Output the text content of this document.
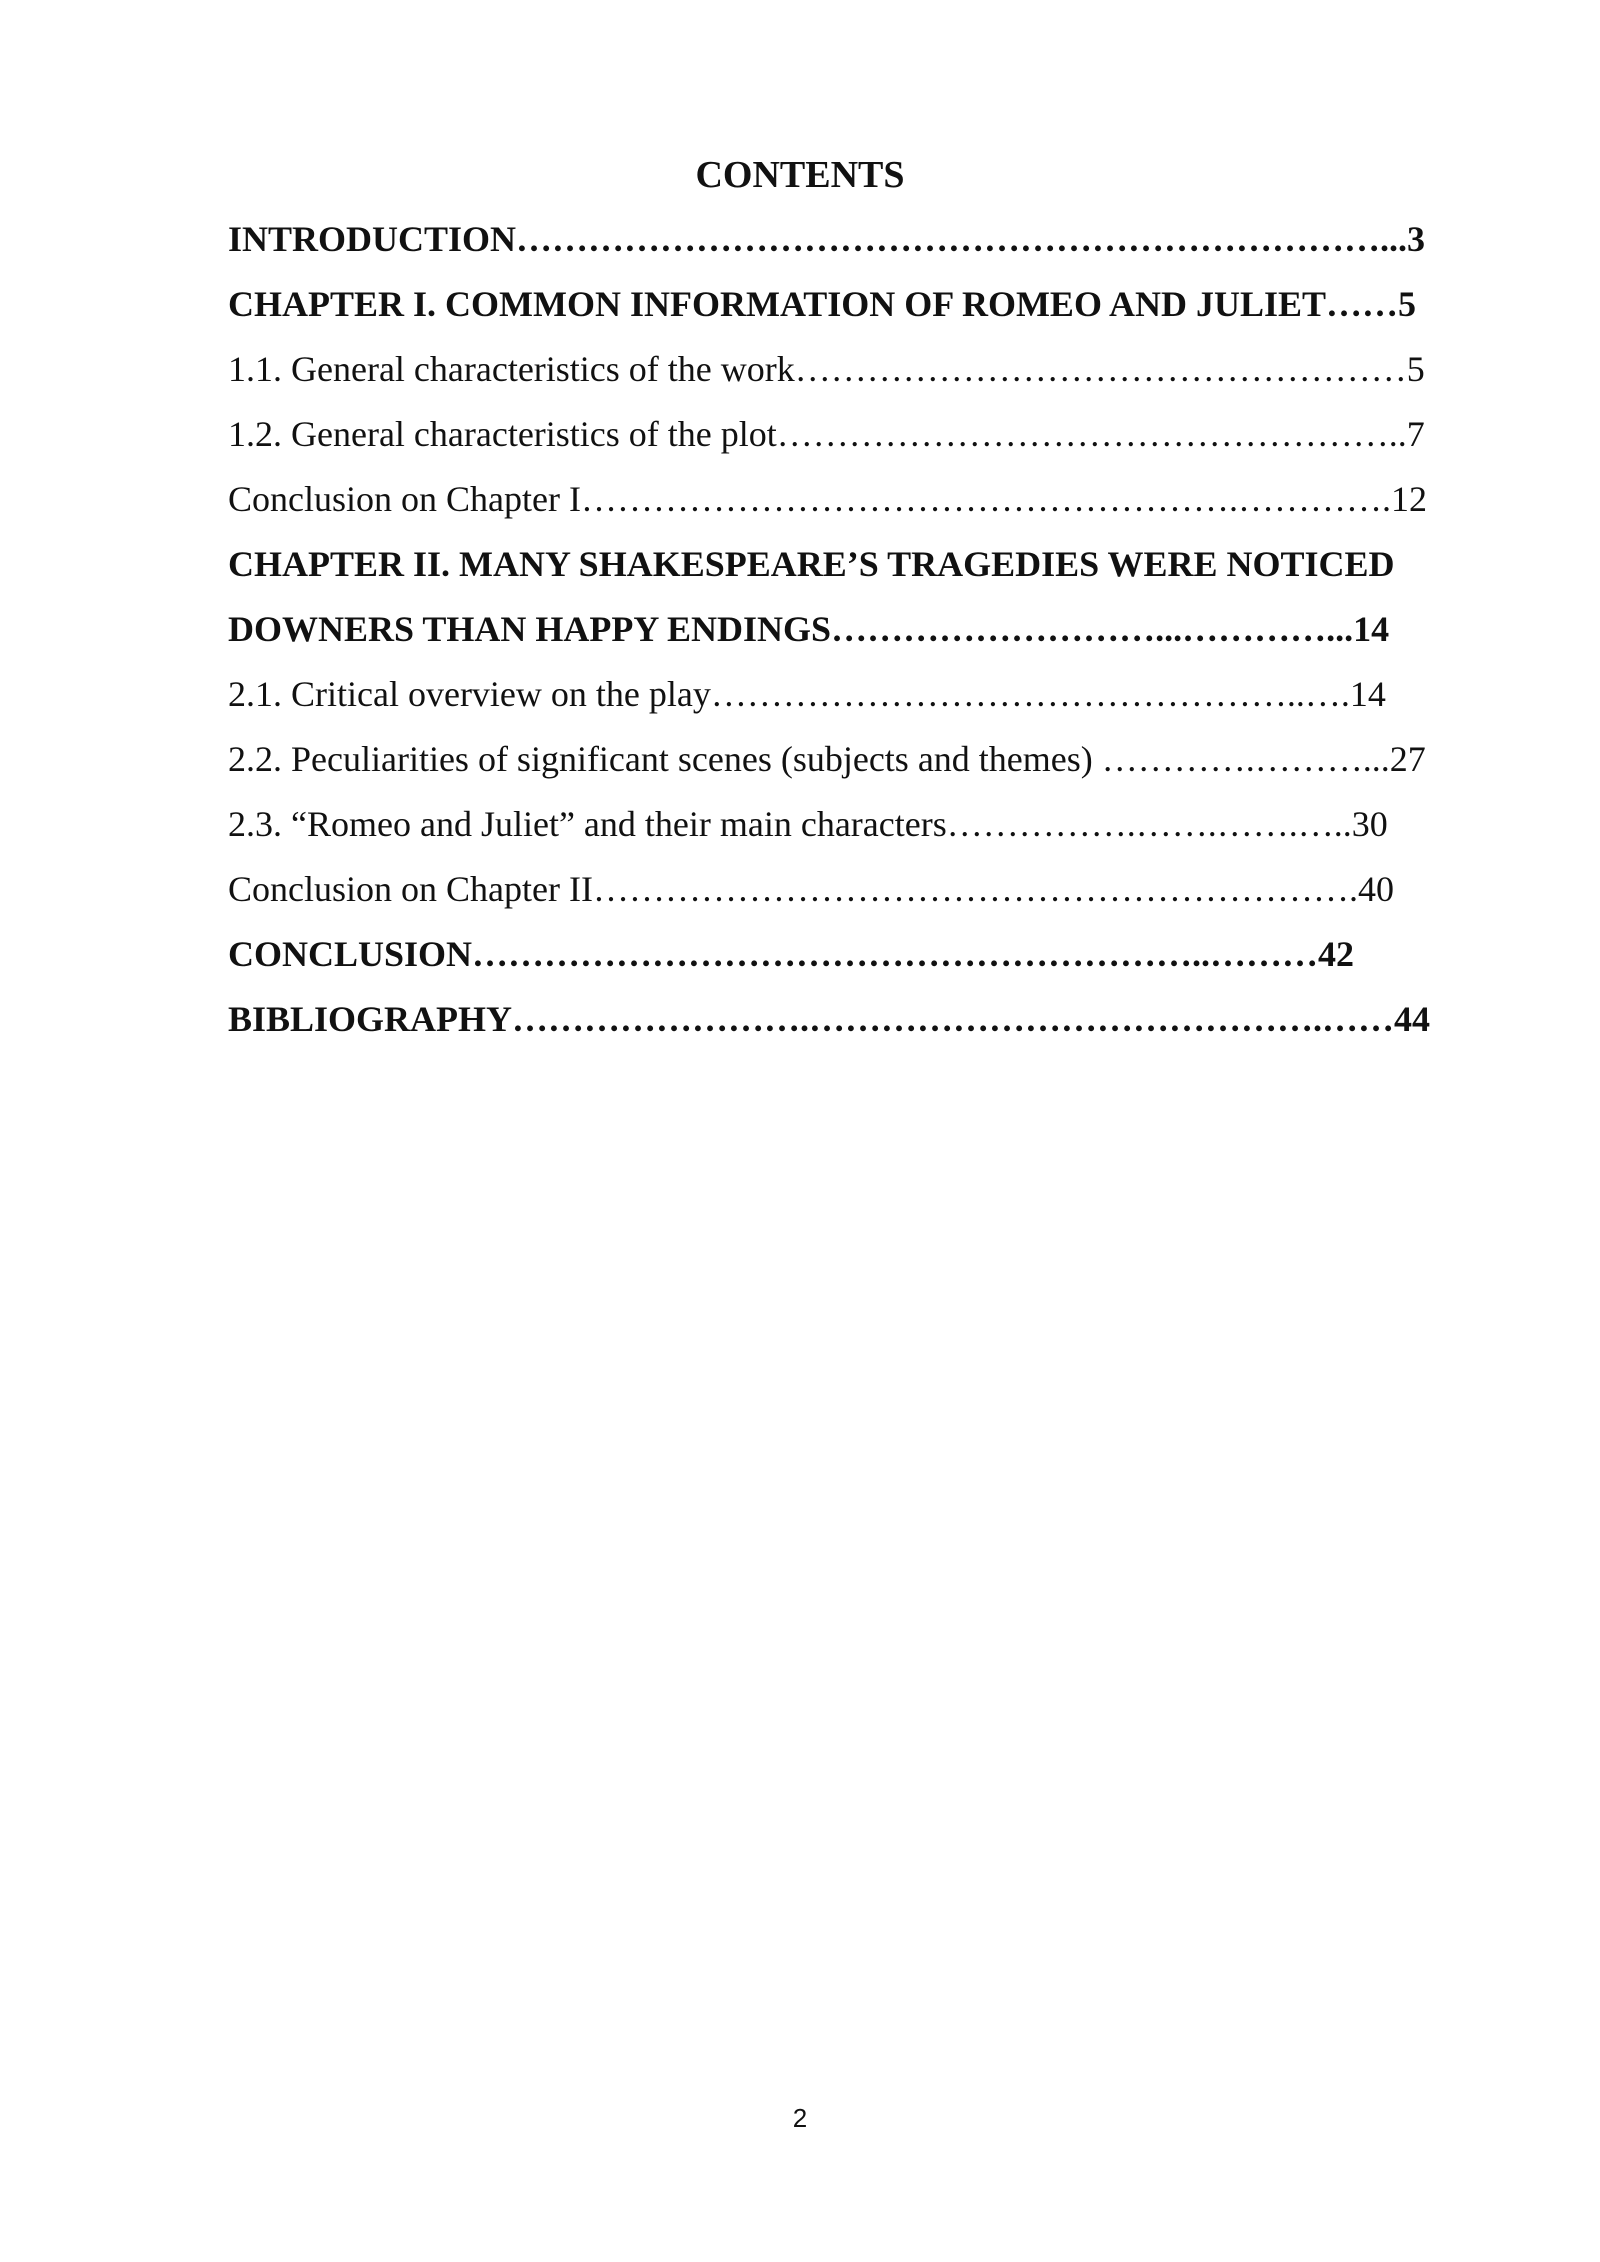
CONTENTS
INTRODUCTION………………………………………………………………...3
CHAPTER I. COMMON INFORMATION OF ROMEO AND JULIET……5
1.1. General characteristics of the work……………………………………………5
1.2. General characteristics of the plot……………………………………………..7
Conclusion on Chapter I……………………………………………….………….12
CHAPTER II. MANY SHAKESPEARE’S TRAGEDIES WERE NOTICED
DOWNERS THAN HAPPY ENDINGS………………………...…………...14
2.1. Critical overview on the play…………………………………………..….14
2.2. Peculiarities of significant scenes (subjects and themes) ………….………...27
2.3. “Romeo and Juliet” and their main characters…………….…….…….…..30
Conclusion on Chapter II……………………………………………………….40
CONCLUSION……………………………………………………..………42
BIBLIOGRAPHY…………………….…………………………………….……44
2
